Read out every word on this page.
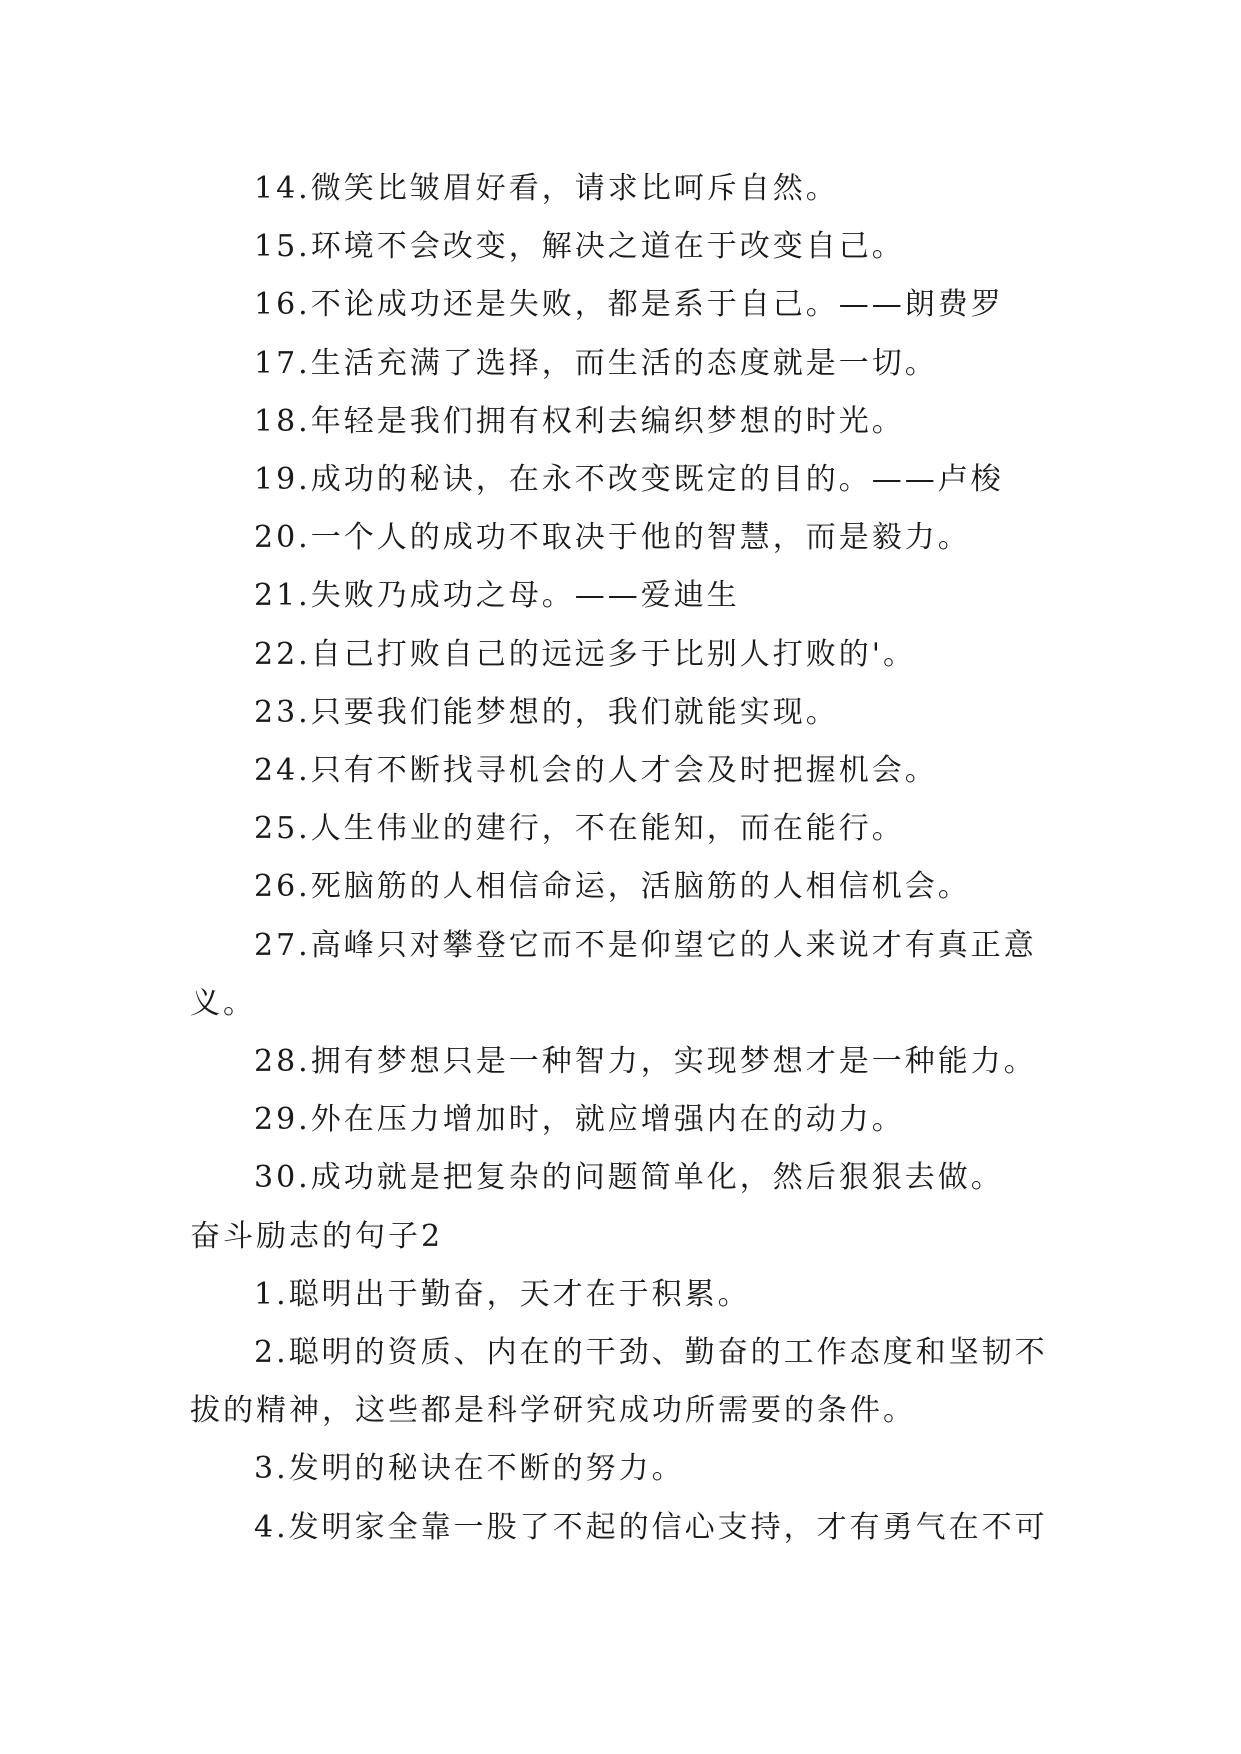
14.微笑比皱眉好看，请求比呵斥自然。
15.环境不会改变，解决之道在于改变自己。
16.不论成功还是失败，都是系于自己。——朗费罗
17.生活充满了选择，而生活的态度就是一切。
18.年轻是我们拥有权利去编织梦想的时光。
19.成功的秘诀，在永不改变既定的目的。——卢梭
20.一个人的成功不取决于他的智慧，而是毅力。
21.失败乃成功之母。——爱迪生
22.自己打败自己的远远多于比别人打败的'。
23.只要我们能梦想的，我们就能实现。
24.只有不断找寻机会的人才会及时把握机会。
25.人生伟业的建行，不在能知，而在能行。
26.死脑筋的人相信命运，活脑筋的人相信机会。
27.高峰只对攀登它而不是仰望它的人来说才有真正意
义。
28.拥有梦想只是一种智力，实现梦想才是一种能力。
29.外在压力增加时，就应增强内在的动力。
30.成功就是把复杂的问题简单化，然后狠狠去做。
奋斗励志的句子2
1.聪明出于勤奋，天才在于积累。
2.聪明的资质、内在的干劲、勤奋的工作态度和坚韧不
拔的精神，这些都是科学研究成功所需要的条件。
3.发明的秘诀在不断的努力。
4.发明家全靠一股了不起的信心支持，才有勇气在不可
